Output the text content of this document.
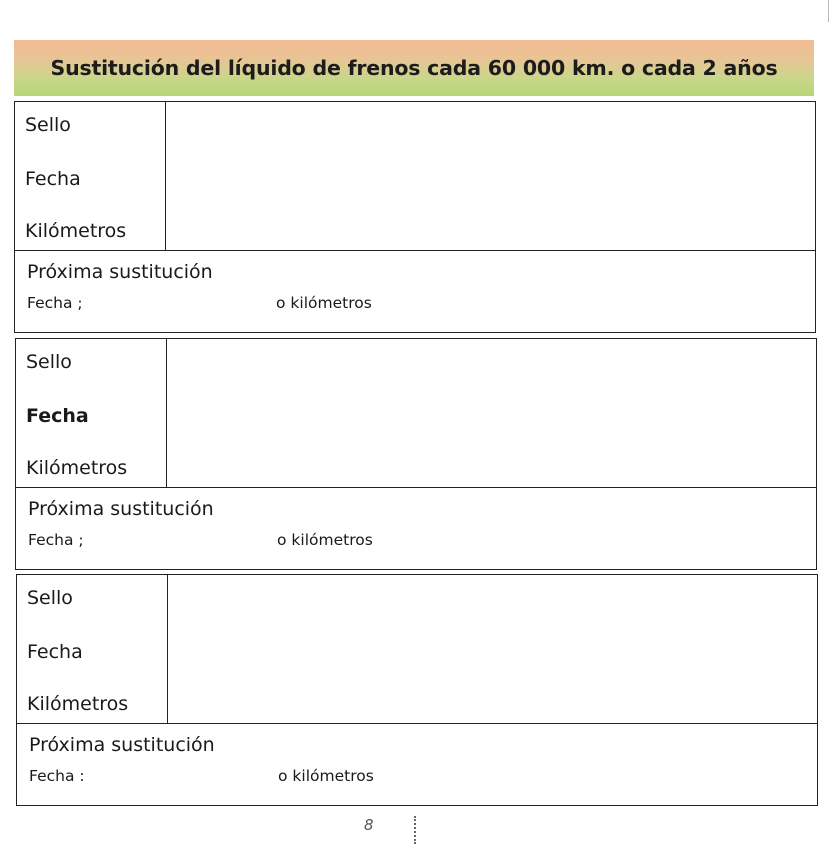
Sustitución del líquido de frenos cada 60 000 km. o cada 2 años
Sello
Fecha
Kilómetros
Próxima sustitución
Fecha ;	o kilómetros
Sello
Fecha
Kilómetros
Próxima sustitución
Fecha ;	o kilómetros
Sello
Fecha
Kilómetros
Próxima sustitución
Fecha :	o kilómetros
8
